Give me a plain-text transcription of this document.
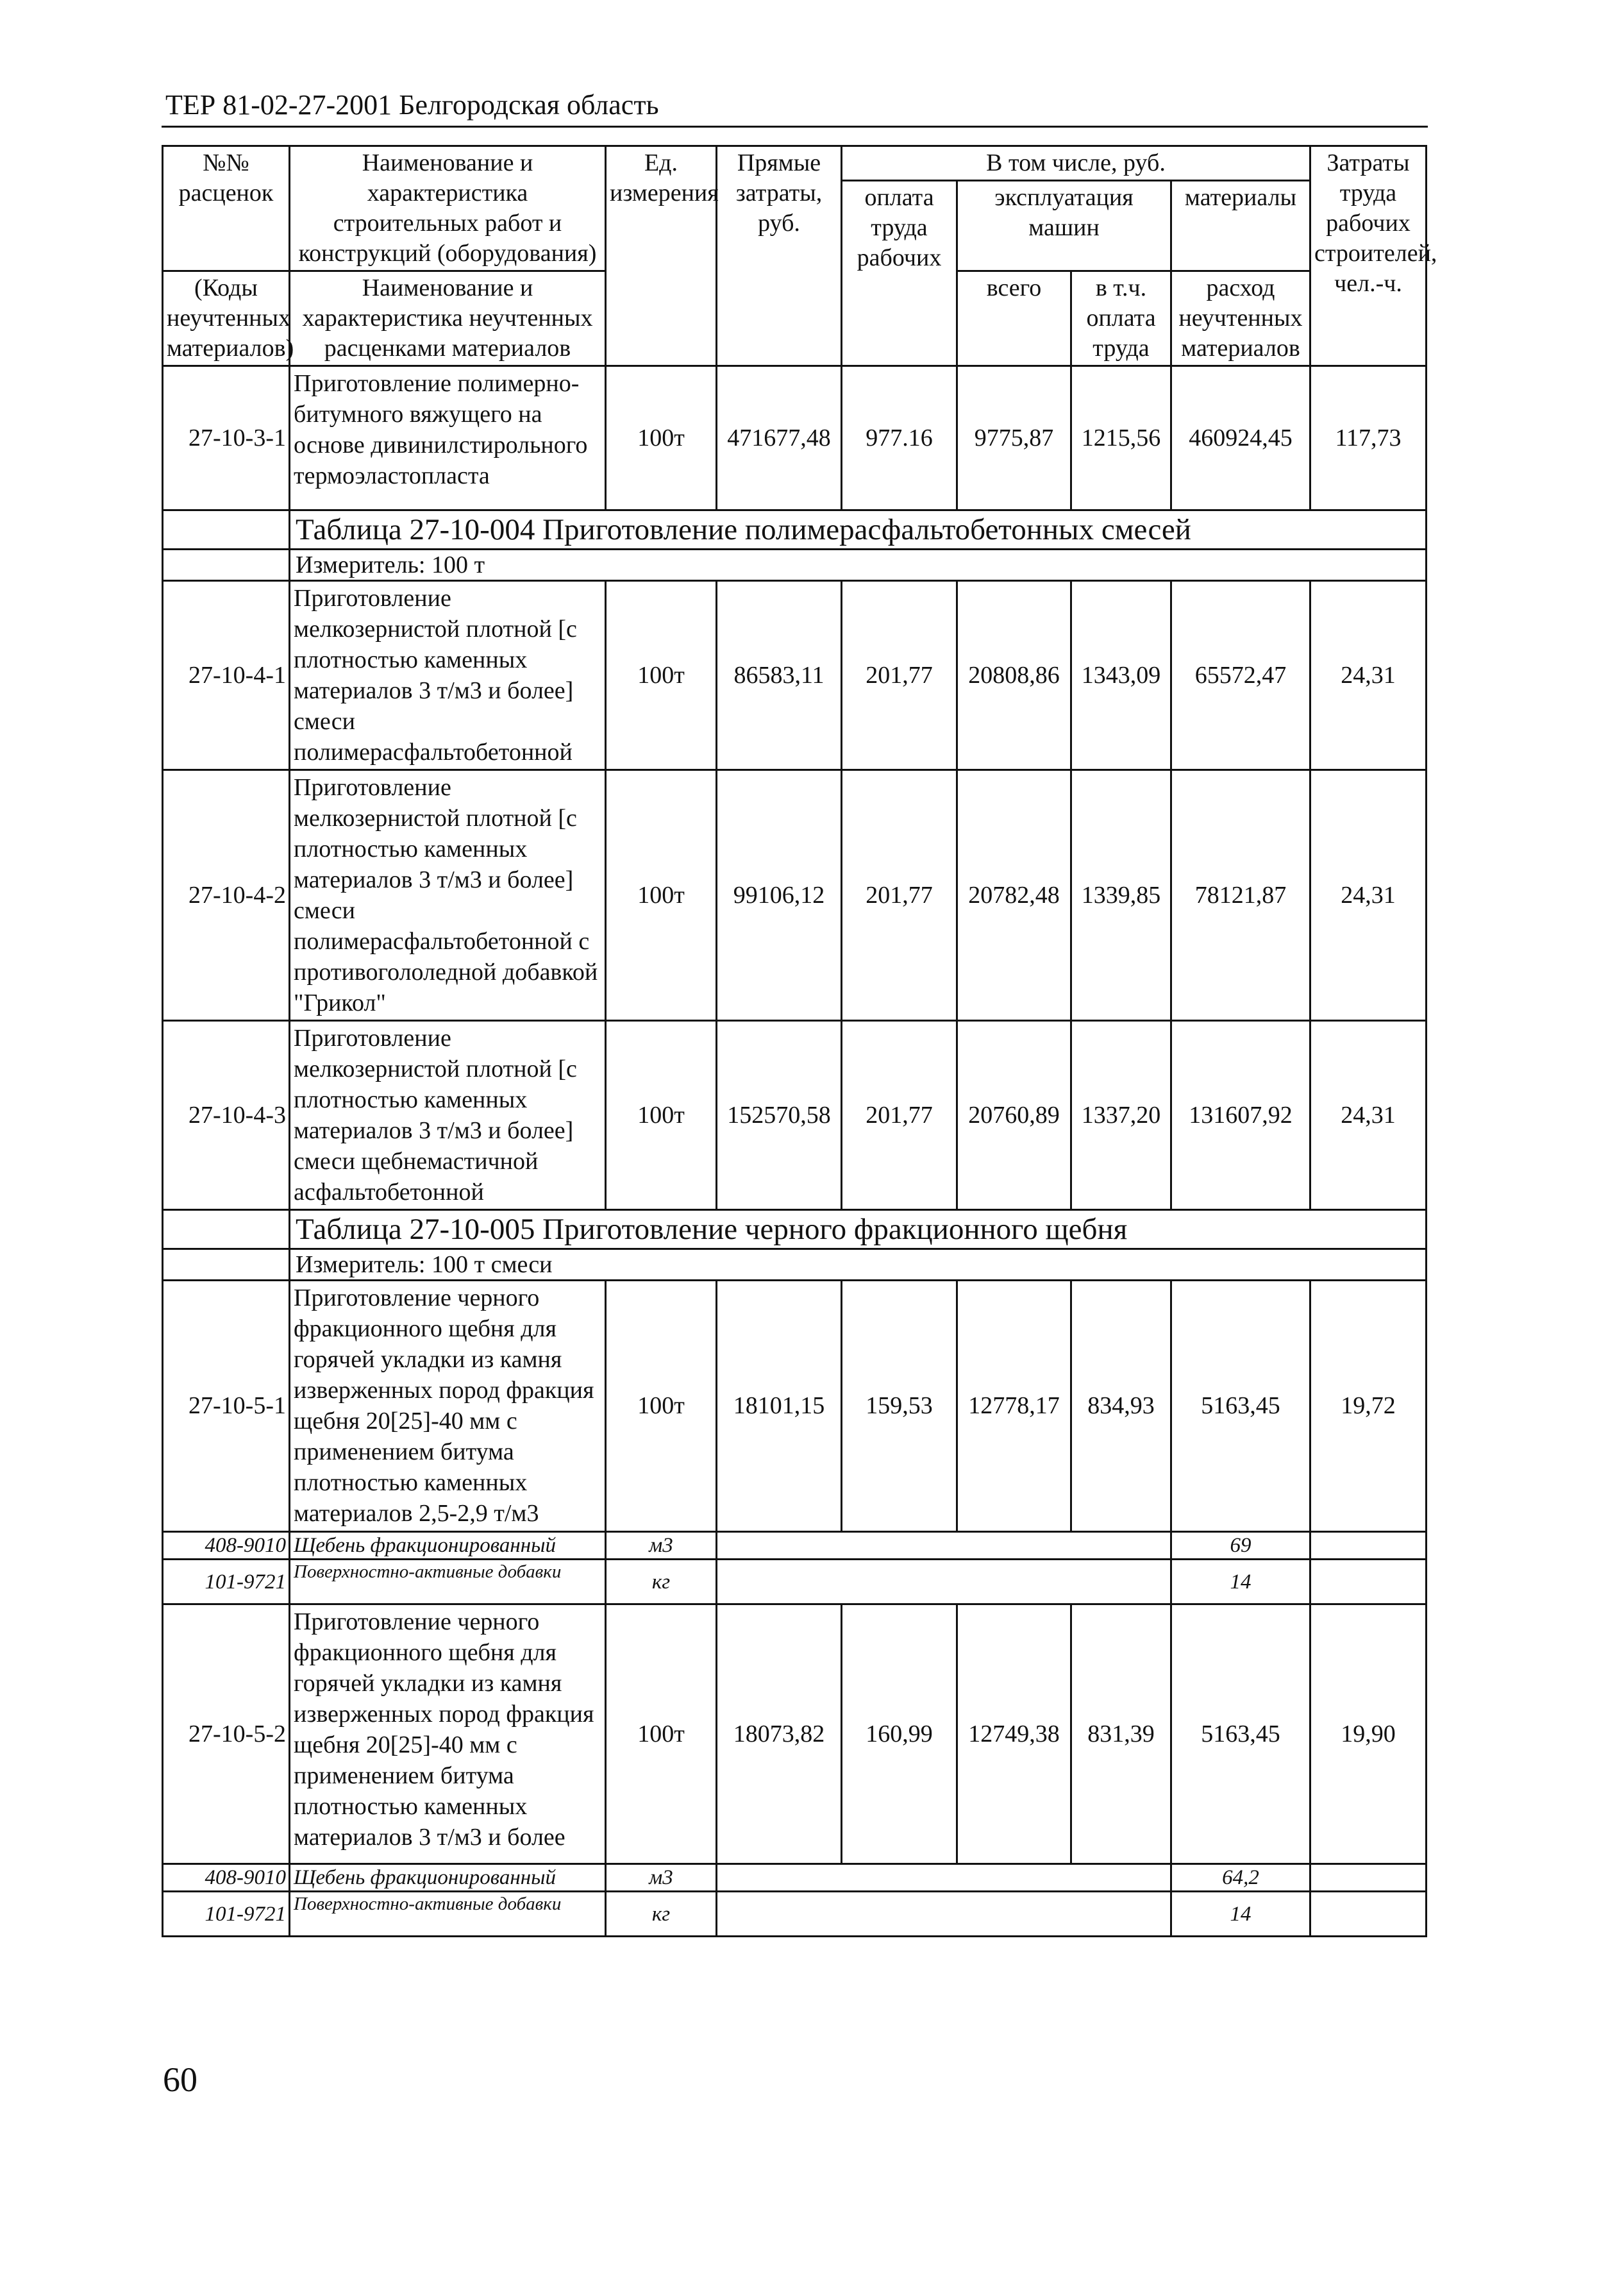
ТЕР 81-02-27-2001 Белгородская область
№№ расценок	Наименование и характеристика строительных работ и конструкций (оборудования)	Ед. измерения	Прямые затраты, руб.	В том числе, руб.				Затраты труда рабочих строителей, чел.-ч.
				оплата труда рабочих	эксплуатация машин		материалы	
(Коды неучтенных материалов)	Наименование и характеристика неучтенных расценками материалов				всего	в т.ч. оплата труда	расход неучтенных материалов	

27-10-3-1	Приготовление полимерно-битумного вяжущего на основе дивинилстирольного термоэластопласта	100т	471677,48	977.16	9775,87	1215,56	460924,45	117,73
	Таблица 27-10-004 Приготовление полимерасфальтобетонных смесей							
	Измеритель: 100 т							
27-10-4-1	Приготовление мелкозернистой плотной [с плотностью каменных материалов 3 т/м3 и более] смеси полимерасфальтобетонной	100т	86583,11	201,77	20808,86	1343,09	65572,47	24,31
27-10-4-2	Приготовление мелкозернистой плотной [с плотностью каменных материалов 3 т/м3 и более] смеси полимерасфальтобетонной с противогололедной добавкой "Грикол"	100т	99106,12	201,77	20782,48	1339,85	78121,87	24,31
27-10-4-3	Приготовление мелкозернистой плотной [с плотностью каменных материалов 3 т/м3 и более] смеси щебнемастичной асфальтобетонной	100т	152570,58	201,77	20760,89	1337,20	131607,92	24,31
	Таблица 27-10-005 Приготовление черного фракционного щебня							
	Измеритель: 100 т смеси							
27-10-5-1	Приготовление черного фракционного щебня для горячей укладки из камня изверженных пород фракция щебня 20[25]-40 мм с применением битума плотностью каменных материалов 2,5-2,9 т/м3	100т	18101,15	159,53	12778,17	834,93	5163,45	19,72
408-9010	Щебень фракционированный	м3					69	
101-9721	Поверхностно-активные добавки	кг					14	
27-10-5-2	Приготовление черного фракционного щебня для горячей укладки из камня изверженных пород фракция щебня 20[25]-40 мм с применением битума плотностью каменных материалов 3 т/м3 и более	100т	18073,82	160,99	12749,38	831,39	5163,45	19,90
408-9010	Щебень фракционированный	м3					64,2	
101-9721	Поверхностно-активные добавки	кг					14	
60
